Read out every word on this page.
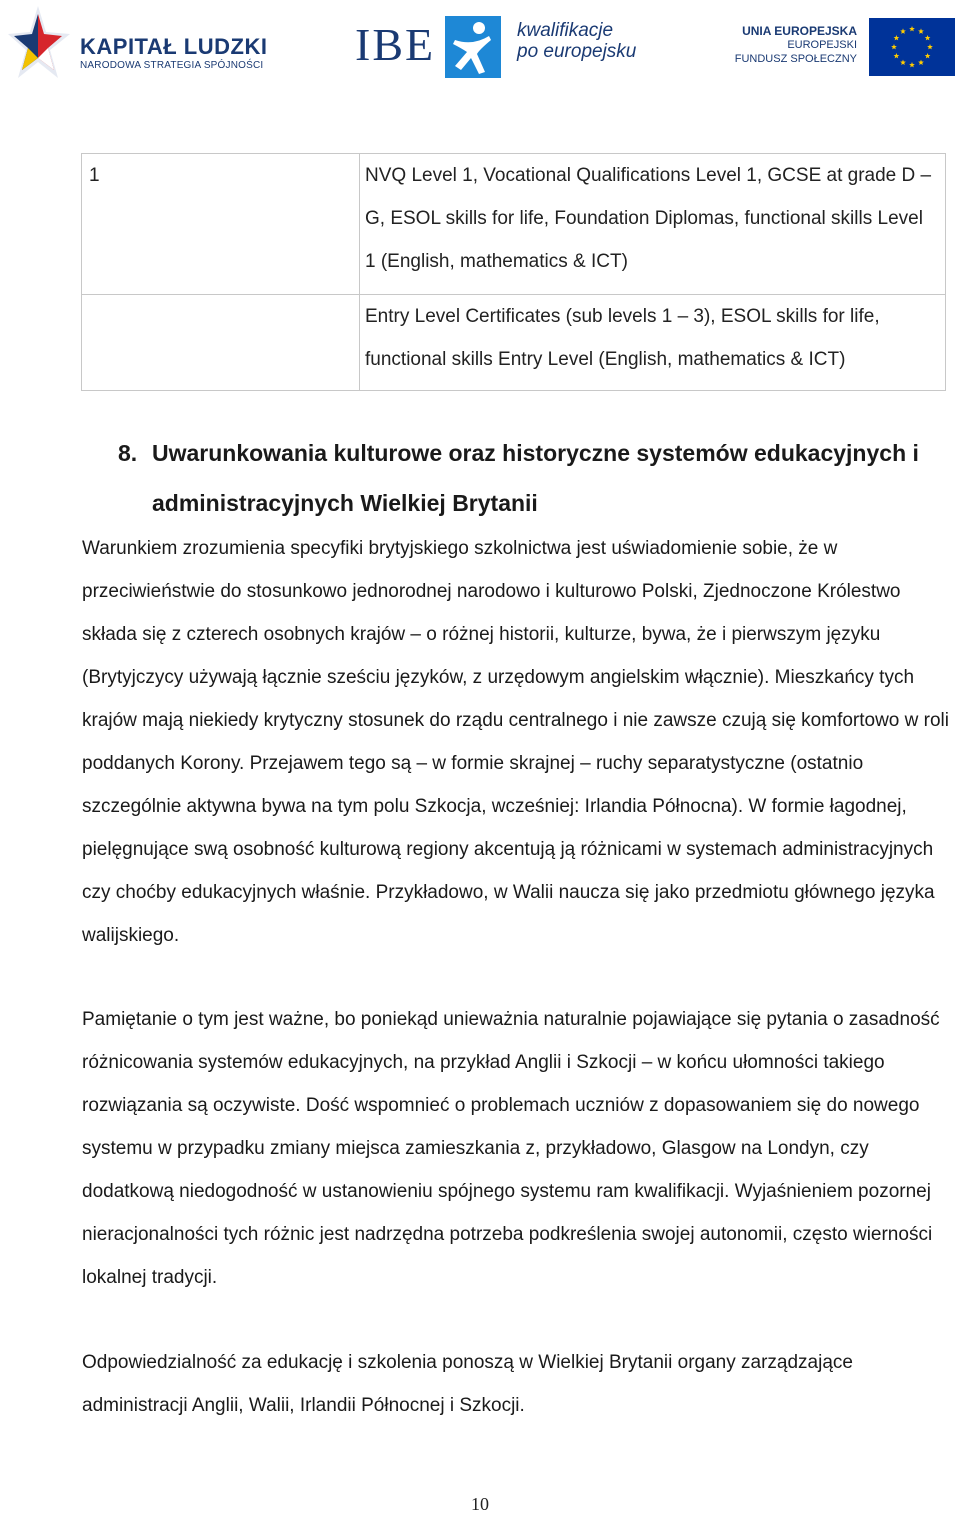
KAPITAŁ LUDZKI
NARODOWA STRATEGIA SPÓJNOŚCI IBE	kwalifikacje
po europejsku
UNIA EUROPEJSKA
EUROPEJSKI
FUNDUSZ SPOŁECZNY
1	NVQ Level 1, Vocational Qualifications Level 1, GCSE at grade D – G, ESOL skills for life, Foundation Diplomas, functional skills Level 1 (English, mathematics & ICT)
	Entry Level Certificates (sub levels 1 – 3), ESOL skills for life, functional skills Entry Level (English, mathematics & ICT)
8. Uwarunkowania kulturowe oraz historyczne systemów edukacyjnych i administracyjnych Wielkiej Brytanii
Warunkiem zrozumienia specyfiki brytyjskiego szkolnictwa jest uświadomienie sobie, że w przeciwieństwie do stosunkowo jednorodnej narodowo i kulturowo Polski, Zjednoczone Królestwo składa się z czterech osobnych krajów – o różnej historii, kulturze, bywa, że i pierwszym języku (Brytyjczycy używają łącznie sześciu języków, z urzędowym angielskim włącznie). Mieszkańcy tych krajów mają niekiedy krytyczny stosunek do rządu centralnego i nie zawsze czują się komfortowo w roli poddanych Korony. Przejawem tego są – w formie skrajnej – ruchy separatystyczne (ostatnio szczególnie aktywna bywa na tym polu Szkocja, wcześniej: Irlandia Północna). W formie łagodnej, pielęgnujące swą osobność kulturową regiony akcentują ją różnicami w systemach administracyjnych czy choćby edukacyjnych właśnie. Przykładowo, w Walii naucza się jako przedmiotu głównego języka walijskiego.
Pamiętanie o tym jest ważne, bo poniekąd unieważnia naturalnie pojawiające się pytania o zasadność różnicowania systemów edukacyjnych, na przykład Anglii i Szkocji – w końcu ułomności takiego rozwiązania są oczywiste. Dość wspomnieć o problemach uczniów z dopasowaniem się do nowego systemu w przypadku zmiany miejsca zamieszkania z, przykładowo, Glasgow na Londyn, czy dodatkową niedogodność w ustanowieniu spójnego systemu ram kwalifikacji. Wyjaśnieniem pozornej nieracjonalności tych różnic jest nadrzędna potrzeba podkreślenia swojej autonomii, często wierności lokalnej tradycji.
Odpowiedzialność za edukację i szkolenia ponoszą w Wielkiej Brytanii organy zarządzające administracji Anglii, Walii, Irlandii Północnej i Szkocji.
10
